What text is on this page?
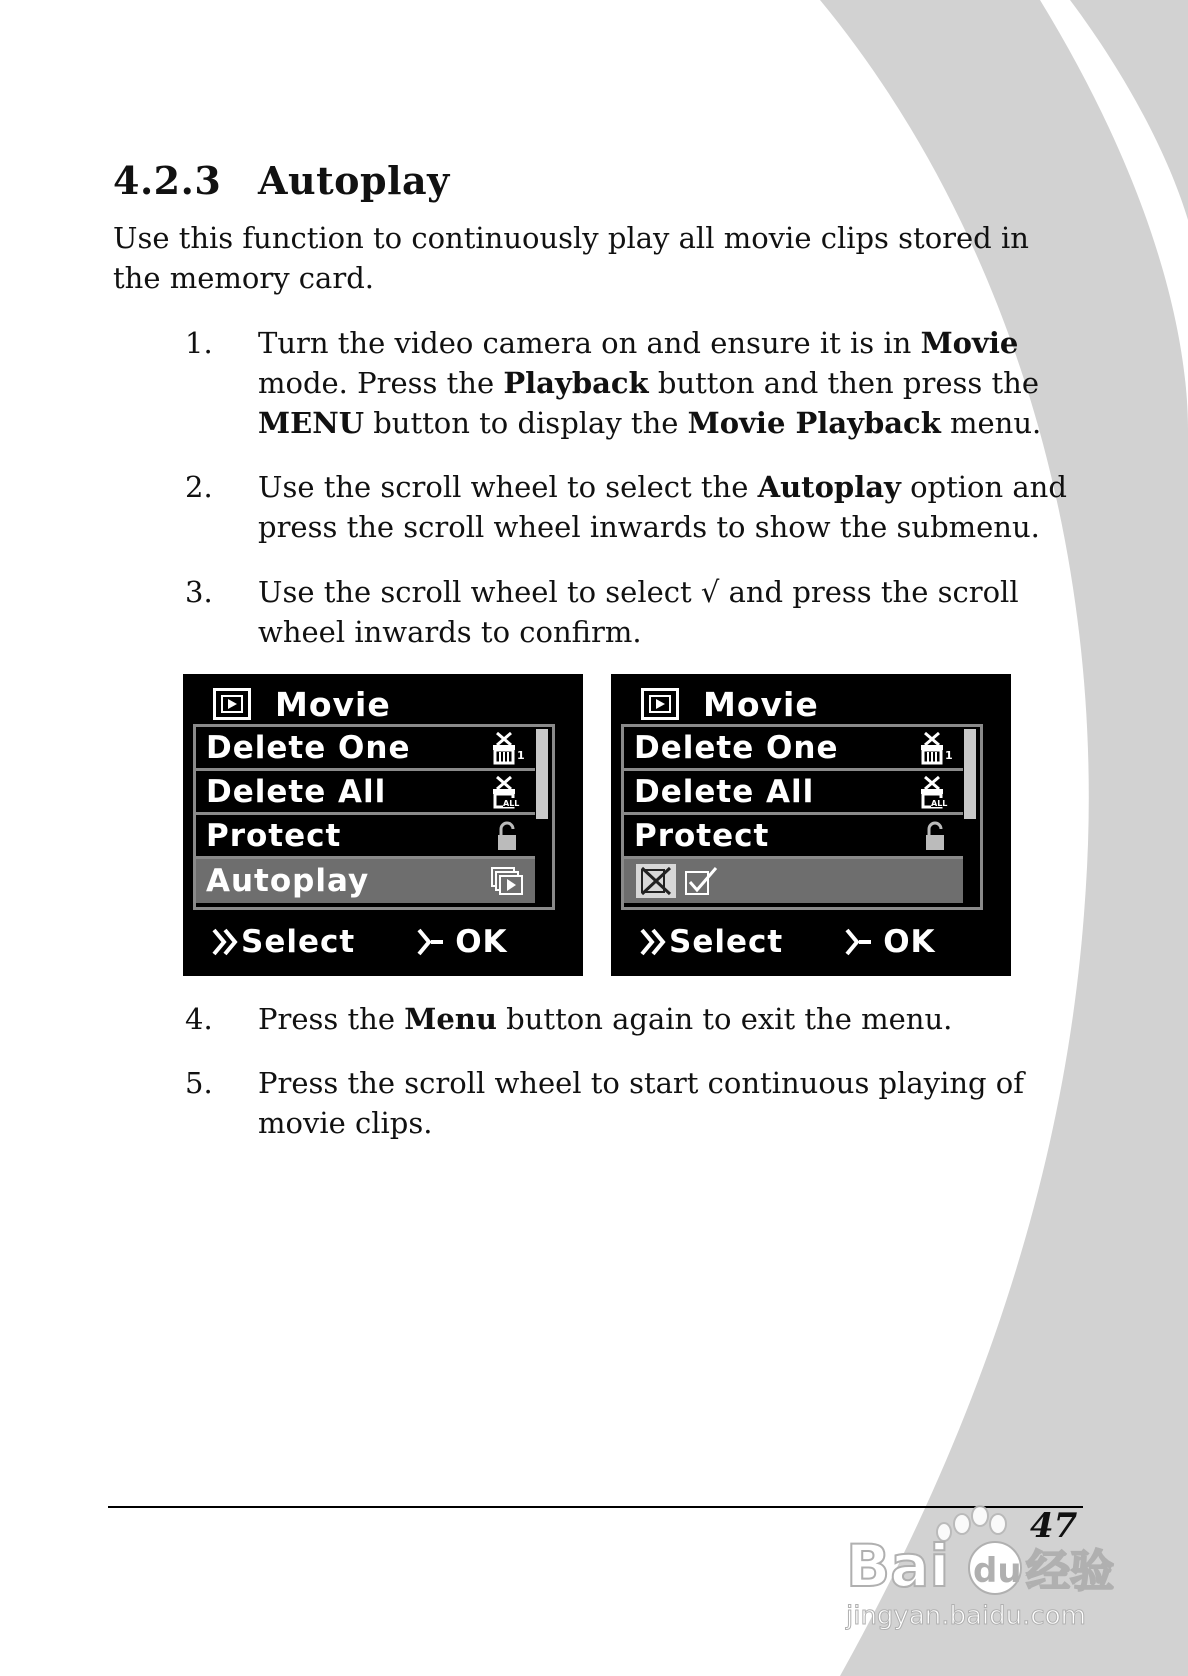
4.2.3 Autoplay
Use this function to continuously play all movie clips stored in the memory card.
1.	Turn the video camera on and ensure it is in Movie mode. Press the Playback button and then press the MENU button to display the Movie Playback menu.
2.	Use the scroll wheel to select the Autoplay option and press the scroll wheel inwards to show the submenu.
3.	Use the scroll wheel to select √ and press the scroll wheel inwards to confirm.
Movie
Delete One	1
Delete All	ALL
Protect
Autoplay
Select	OK
Movie
Delete One	1
Delete All	ALL
Protect
Select	OK
4.	Press the Menu button again to exit the menu.
5.	Press the scroll wheel to start continuous playing of movie clips.
47
Bai du 经验
jingyan.baidu.com
